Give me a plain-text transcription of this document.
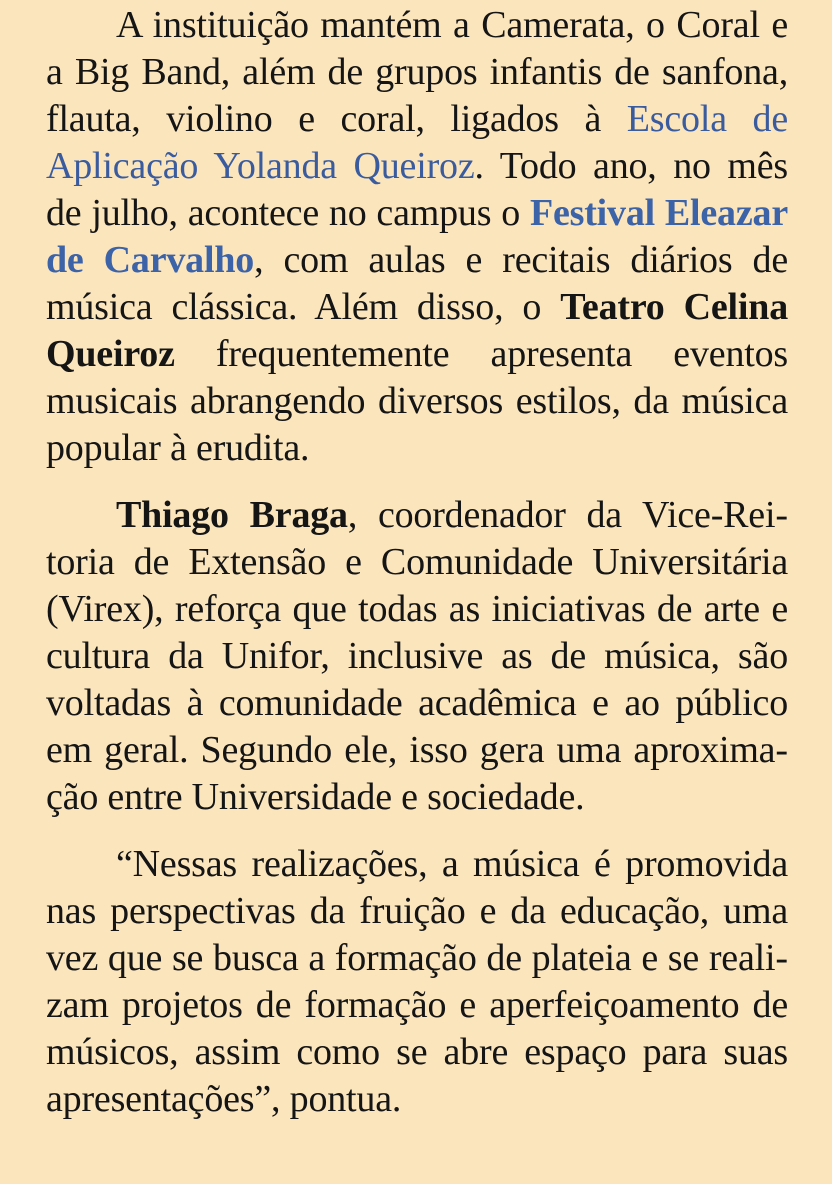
A instituição mantém a Camerata, o Coral e a Big Band, além de grupos infantis de sanfona, flauta, violino e coral, ligados à Escola de Aplicação Yolanda Queiroz. Todo ano, no mês de julho, acontece no campus o Festival Eleazar de Carvalho, com aulas e recitais diários de música clássica. Além disso, o Teatro Celina Queiroz frequentemente apresenta eventos musicais abrangendo diversos estilos, da música popular à erudita.

Thiago Braga, coordenador da Vice-Reitoria de Extensão e Comunidade Universitária (Virex), reforça que todas as iniciativas de arte e cultura da Unifor, inclusive as de música, são voltadas à comunidade acadêmica e ao público em geral. Segundo ele, isso gera uma aproximação entre Universidade e sociedade.

“Nessas realizações, a música é promovida nas perspectivas da fruição e da educação, uma vez que se busca a formação de plateia e se realizam projetos de formação e aperfeiçoamento de músicos, assim como se abre espaço para suas apresentações”, pontua.
